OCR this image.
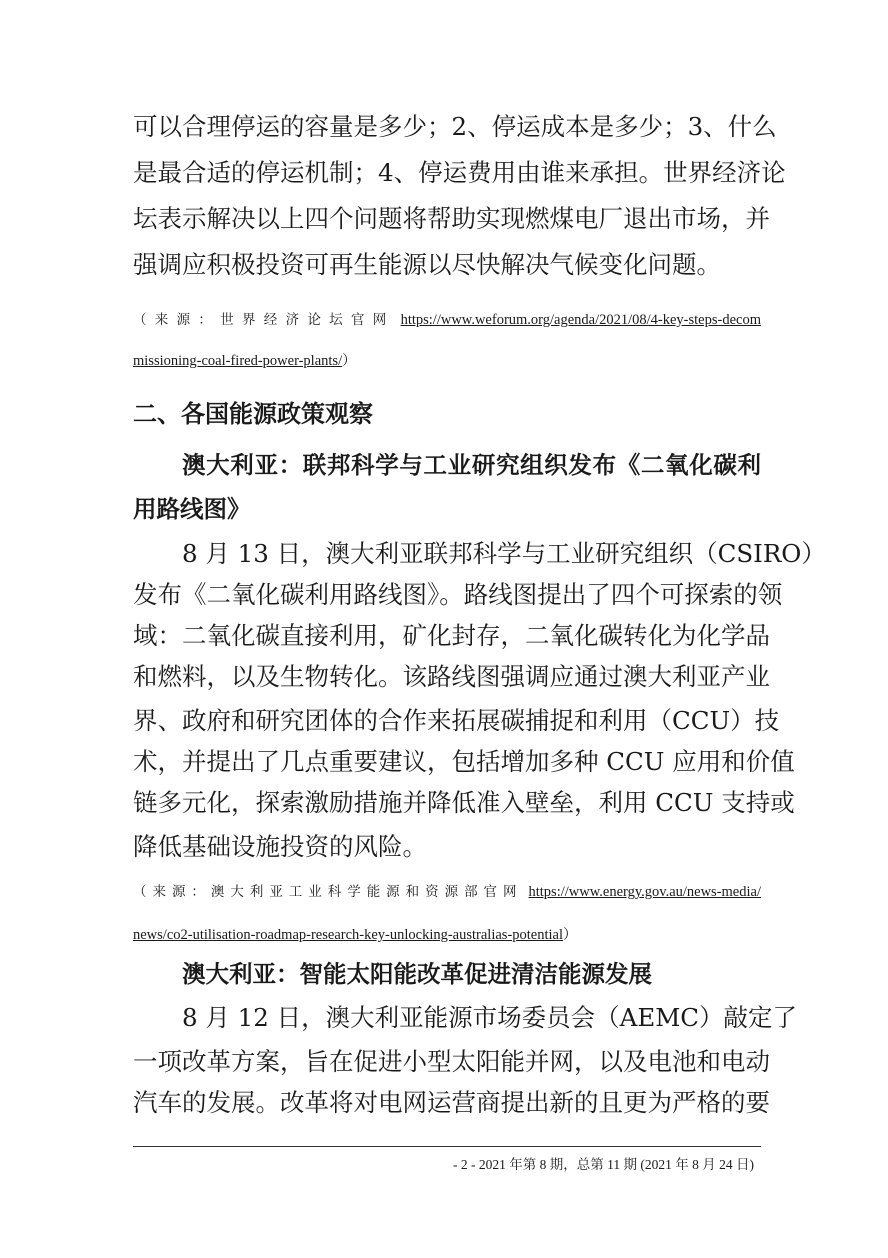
可以合理停运的容量是多少；2、停运成本是多少；3、什么
是最合适的停运机制；4、停运费用由谁来承担。世界经济论
坛表示解决以上四个问题将帮助实现燃煤电厂退出市场，并
强调应积极投资可再生能源以尽快解决气候变化问题。
（来源：世界经济论坛官网 https://www.weforum.org/agenda/2021/08/4-key-steps-decom
missioning-coal-fired-power-plants/）
二、各国能源政策观察
澳大利亚：联邦科学与工业研究组织发布《二氧化碳利
用路线图》
8 月 13 日，澳大利亚联邦科学与工业研究组织（CSIRO）
发布《二氧化碳利用路线图》。路线图提出了四个可探索的领
域：二氧化碳直接利用，矿化封存，二氧化碳转化为化学品
和燃料，以及生物转化。该路线图强调应通过澳大利亚产业
界、政府和研究团体的合作来拓展碳捕捉和利用（CCU）技
术，并提出了几点重要建议，包括增加多种 CCU 应用和价值
链多元化，探索激励措施并降低准入壁垒，利用 CCU 支持或
降低基础设施投资的风险。
（来源：澳大利亚工业科学能源和资源部官网 https://www.energy.gov.au/news-media/
news/co2-utilisation-roadmap-research-key-unlocking-australias-potential）
澳大利亚：智能太阳能改革促进清洁能源发展
8 月 12 日，澳大利亚能源市场委员会（AEMC）敲定了
一项改革方案，旨在促进小型太阳能并网，以及电池和电动
汽车的发展。改革将对电网运营商提出新的且更为严格的要
- 2 - 2021 年第 8 期，总第 11 期 (2021 年 8 月 24 日)
